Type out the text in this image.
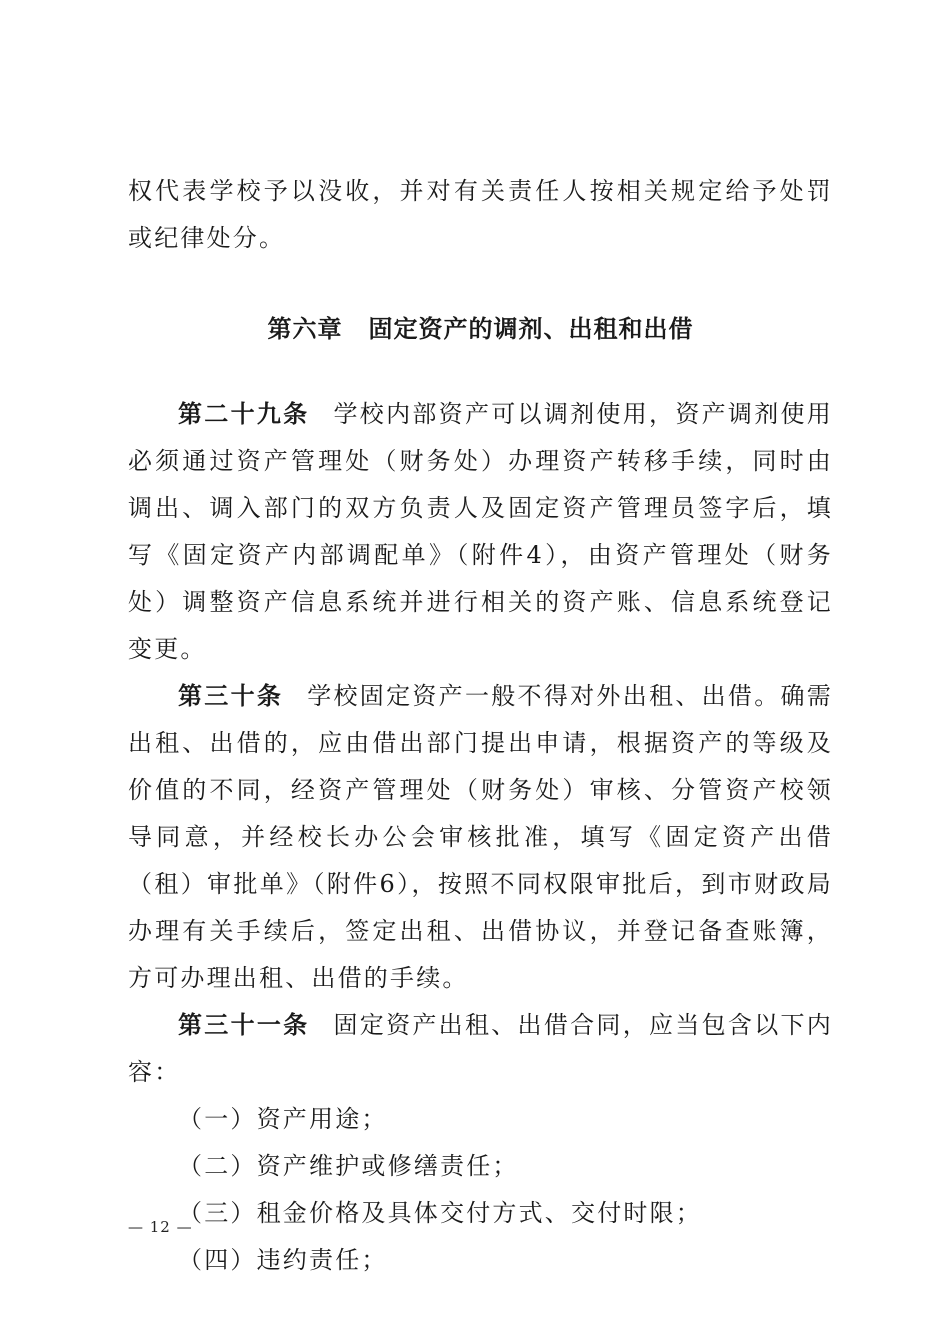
权代表学校予以没收，并对有关责任人按相关规定给予处罚或纪律处分。

第六章 固定资产的调剂、出租和出借

第二十九条 学校内部资产可以调剂使用，资产调剂使用必须通过资产管理处（财务处）办理资产转移手续，同时由调出、调入部门的双方负责人及固定资产管理员签字后，填写《固定资产内部调配单》（附件4），由资产管理处（财务处）调整资产信息系统并进行相关的资产账、信息系统登记变更。

第三十条 学校固定资产一般不得对外出租、出借。确需出租、出借的，应由借出部门提出申请，根据资产的等级及价值的不同，经资产管理处（财务处）审核、分管资产校领导同意，并经校长办公会审核批准，填写《固定资产出借（租）审批单》（附件6），按照不同权限审批后，到市财政局办理有关手续后，签定出租、出借协议，并登记备查账簿，方可办理出租、出借的手续。

第三十一条 固定资产出租、出借合同，应当包含以下内容：

（一）资产用途；

（二）资产维护或修缮责任；

（三）租金价格及具体交付方式、交付时限；

（四）违约责任；

— 12 —
